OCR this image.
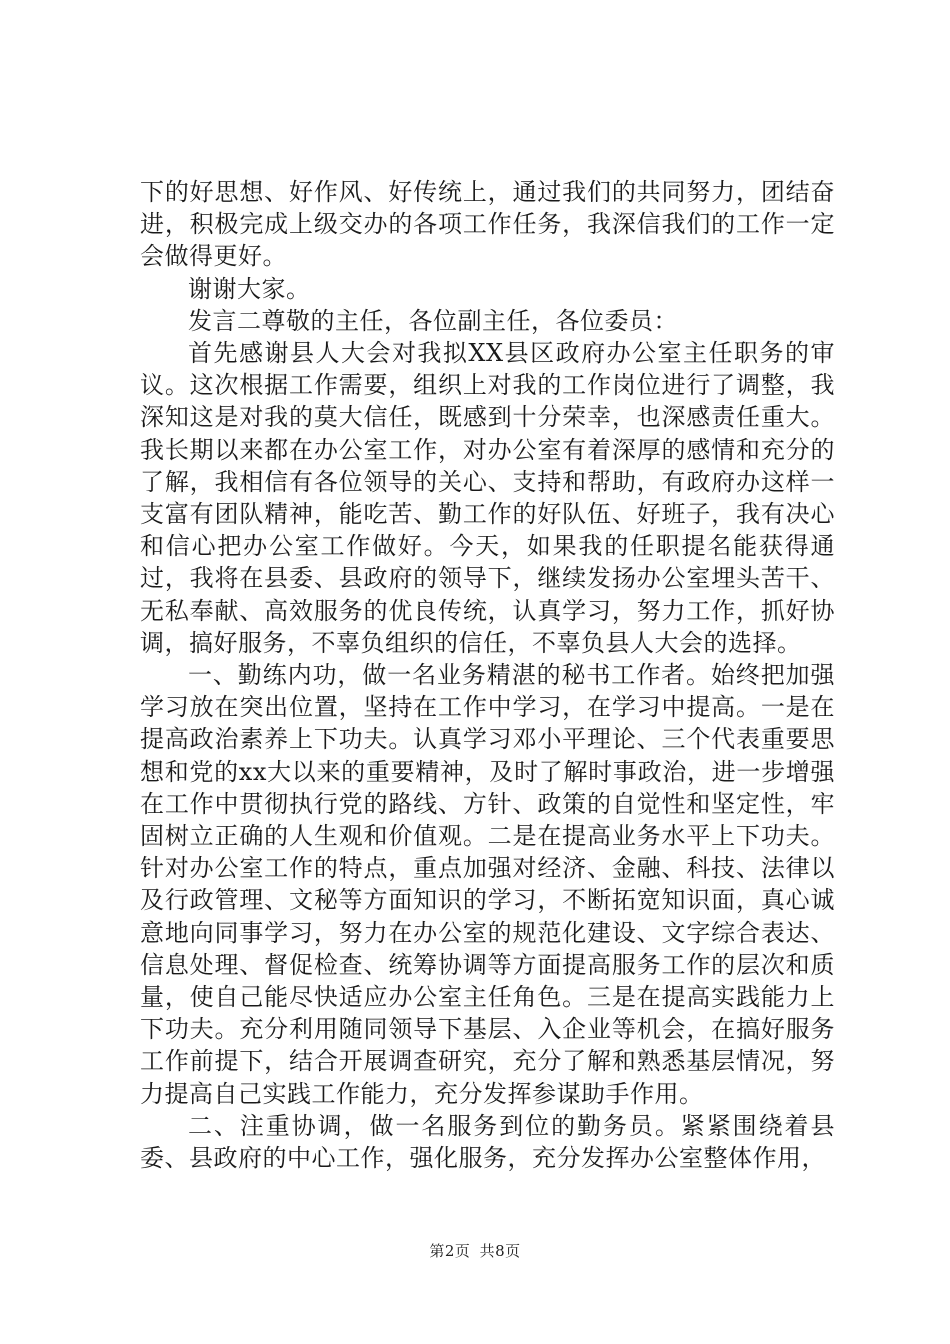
下的好思想、好作风、好传统上，通过我们的共同努力，团结奋进，积极完成上级交办的各项工作任务，我深信我们的工作一定会做得更好。

谢谢大家。

发言二尊敬的主任，各位副主任，各位委员：

首先感谢县人大会对我拟XX县区政府办公室主任职务的审议。这次根据工作需要，组织上对我的工作岗位进行了调整，我深知这是对我的莫大信任，既感到十分荣幸，也深感责任重大。我长期以来都在办公室工作，对办公室有着深厚的感情和充分的了解，我相信有各位领导的关心、支持和帮助，有政府办这样一支富有团队精神，能吃苦、勤工作的好队伍、好班子，我有决心和信心把办公室工作做好。今天，如果我的任职提名能获得通过，我将在县委、县政府的领导下，继续发扬办公室埋头苦干、无私奉献、高效服务的优良传统，认真学习，努力工作，抓好协调，搞好服务，不辜负组织的信任，不辜负县人大会的选择。

一、勤练内功，做一名业务精湛的秘书工作者。始终把加强学习放在突出位置，坚持在工作中学习，在学习中提高。一是在提高政治素养上下功夫。认真学习邓小平理论、三个代表重要思想和党的xx大以来的重要精神，及时了解时事政治，进一步增强在工作中贯彻执行党的路线、方针、政策的自觉性和坚定性，牢固树立正确的人生观和价值观。二是在提高业务水平上下功夫。针对办公室工作的特点，重点加强对经济、金融、科技、法律以及行政管理、文秘等方面知识的学习，不断拓宽知识面，真心诚意地向同事学习，努力在办公室的规范化建设、文字综合表达、信息处理、督促检查、统筹协调等方面提高服务工作的层次和质量，使自己能尽快适应办公室主任角色。三是在提高实践能力上下功夫。充分利用随同领导下基层、入企业等机会，在搞好服务工作前提下，结合开展调查研究，充分了解和熟悉基层情况，努力提高自己实践工作能力，充分发挥参谋助手作用。

二、注重协调，做一名服务到位的勤务员。紧紧围绕着县委、县政府的中心工作，强化服务，充分发挥办公室整体作用，

第2页 共8页
